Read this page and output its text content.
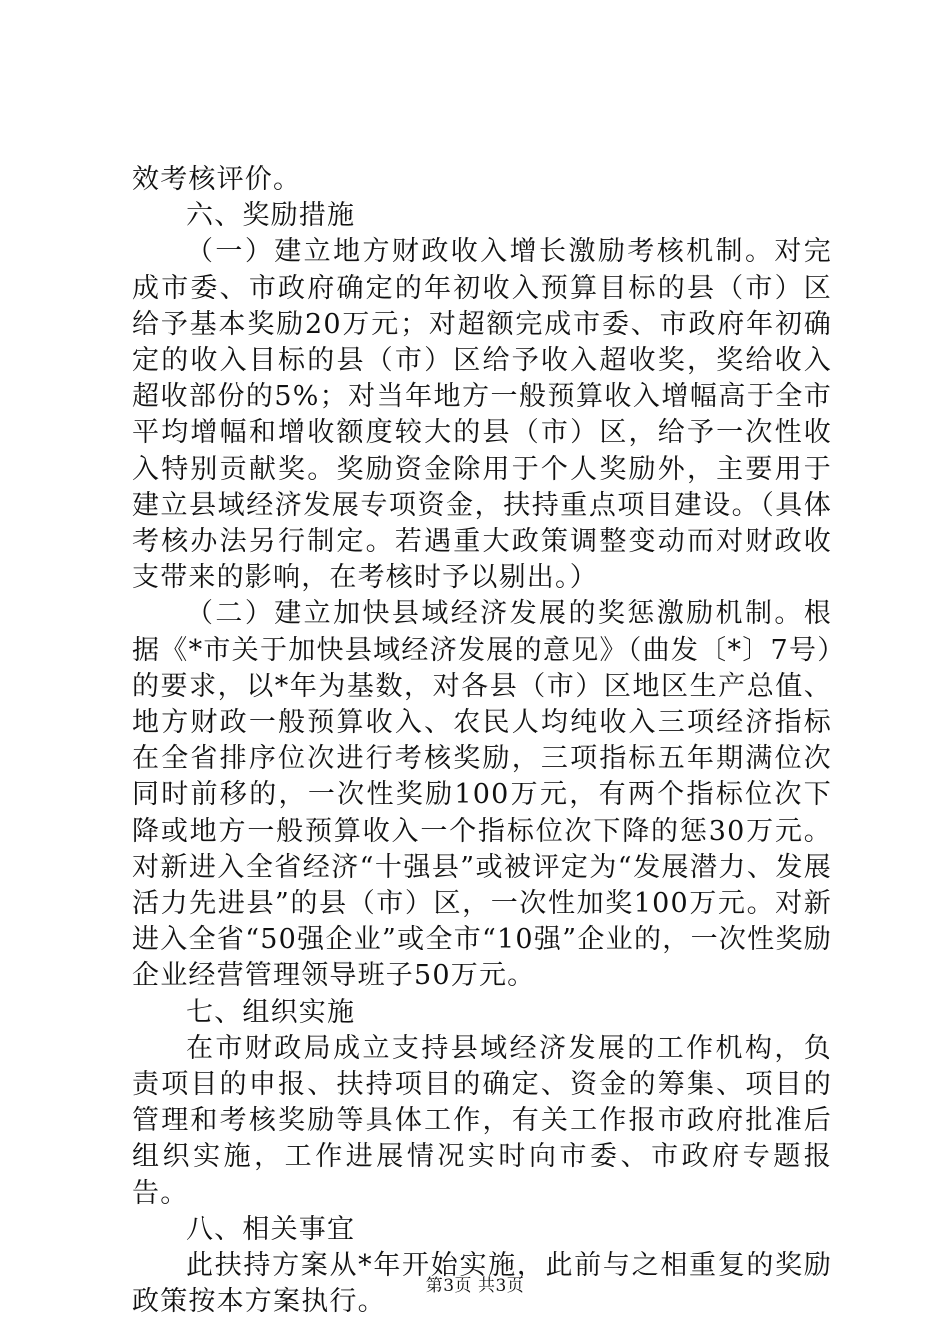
效考核评价。

六、奖励措施

（一）建立地方财政收入增长激励考核机制。对完成市委、市政府确定的年初收入预算目标的县（市）区给予基本奖励20万元；对超额完成市委、市政府年初确定的收入目标的县（市）区给予收入超收奖，奖给收入超收部份的5%；对当年地方一般预算收入增幅高于全市平均增幅和增收额度较大的县（市）区，给予一次性收入特别贡献奖。奖励资金除用于个人奖励外，主要用于建立县域经济发展专项资金，扶持重点项目建设。（具体考核办法另行制定。若遇重大政策调整变动而对财政收支带来的影响，在考核时予以剔出。）

（二）建立加快县域经济发展的奖惩激励机制。根据《*市关于加快县域经济发展的意见》（曲发〔*〕7号）的要求，以*年为基数，对各县（市）区地区生产总值、地方财政一般预算收入、农民人均纯收入三项经济指标在全省排序位次进行考核奖励，三项指标五年期满位次同时前移的，一次性奖励100万元，有两个指标位次下降或地方一般预算收入一个指标位次下降的惩30万元。对新进入全省经济“十强县”或被评定为“发展潜力、发展活力先进县”的县（市）区，一次性加奖100万元。对新进入全省“50强企业”或全市“10强”企业的，一次性奖励企业经营管理领导班子50万元。

七、组织实施

在市财政局成立支持县域经济发展的工作机构，负责项目的申报、扶持项目的确定、资金的筹集、项目的管理和考核奖励等具体工作，有关工作报市政府批准后组织实施，工作进展情况实时向市委、市政府专题报告。

八、相关事宜

此扶持方案从*年开始实施，此前与之相重复的奖励政策按本方案执行。

第3页 共3页
